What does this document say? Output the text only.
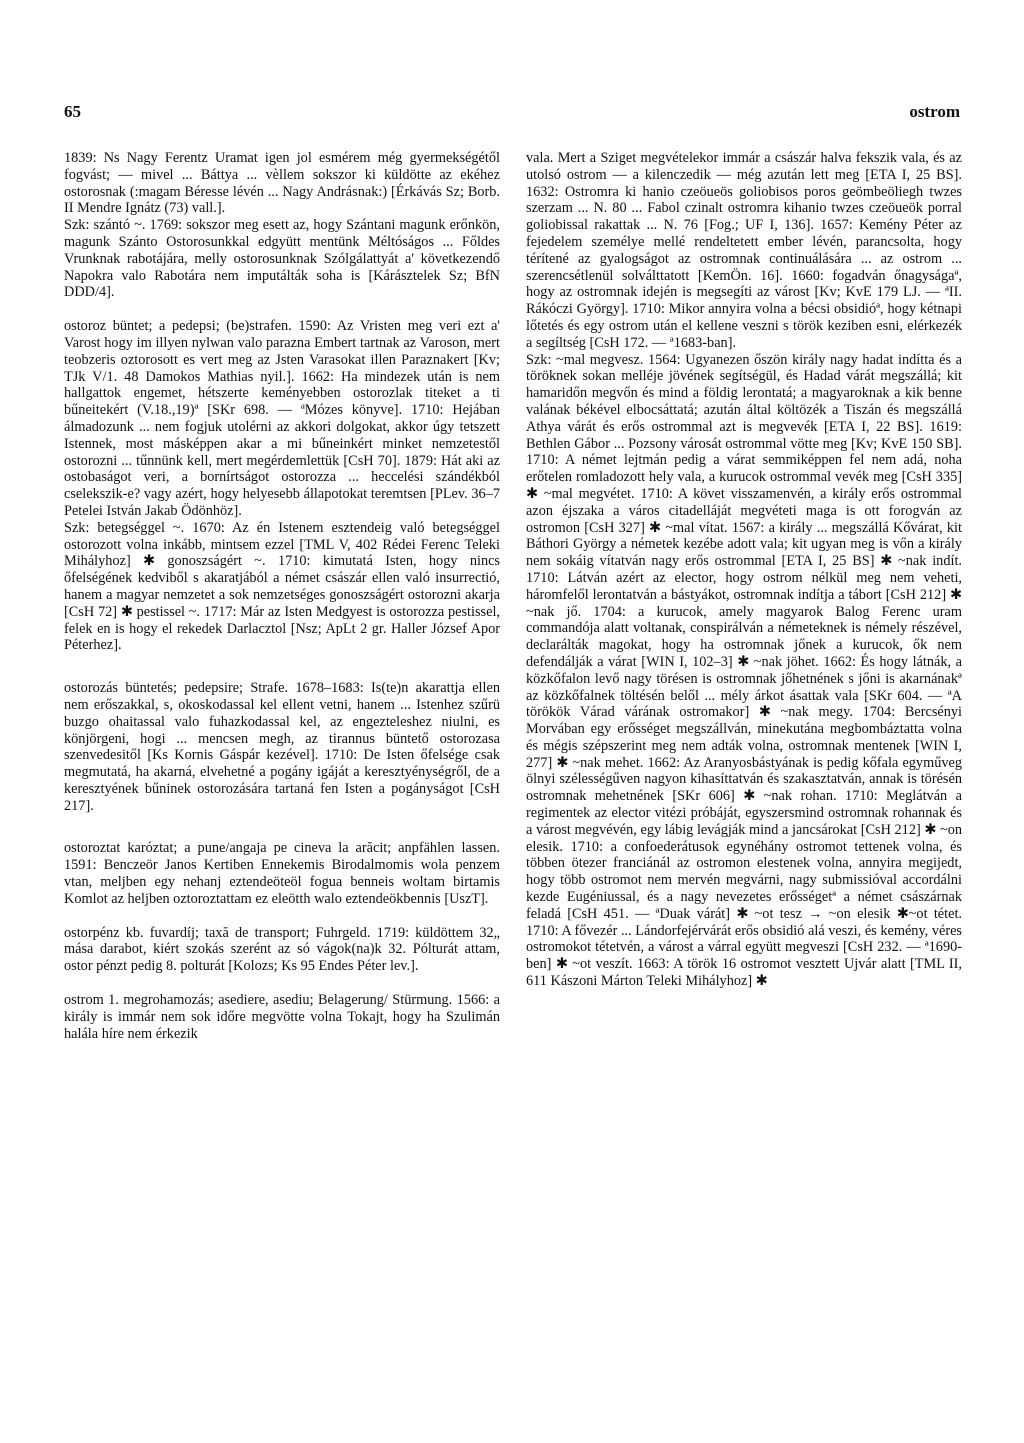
65	ostrom

1839: Ns Nagy Ferentz Uramat igen jol esmérem még gyermekségétől fogvást; — mivel ... Báttya ... vèllem sokszor ki küldötte az ekéhez ostorosnak (:magam Béresse lévén ... Nagy Andrásnak:) [Érkávás Sz; Borb. II Mendre Ignátz (73) vall.].

Szk: szántó ~. 1769: sokszor meg esett az, hogy Szántani magunk erőnkön, magunk Szánto Ostorosunkkal edgyütt mentünk Méltóságos ... Főldes Vrunknak rabotájára, melly ostorosunknak Szólgálattyát a' következendő Napokra valo Rabotára nem imputálták soha is [Kárásztelek Sz; BfN DDD/4].

ostoroz büntet; a pedepsi; (be)strafen. 1590: Az Vristen meg veri ezt a' Varost hogy im illyen nylwan valo parazna Embert tartnak az Varoson, mert teobzeris oztorosott es vert meg az Jsten Varasokat illen Paraznakert [Kv; TJk V/1. 48 Damokos Mathias nyil.]. 1662: Ha mindezek után is nem hallgattok engemet, hétszerte keményebben ostorozlak titeket a ti bűneitekért (V.18.,19)ª [SKr 698. — ªMózes könyve]. 1710: Hejában álmadozunk ... nem fogjuk utolérni az akkori dolgokat, akkor úgy tetszett Istennek, most másképpen akar a mi bűneinkért minket nemzetestől ostorozni ... tűnnünk kell, mert megérdemlettük [CsH 70]. 1879: Hát aki az ostobaságot veri, a bornírtságot ostorozza ... heccelési szándékból cselekszik-e? vagy azért, hogy helyesebb állapotokat teremtsen [PLev. 36–7 Petelei István Jakab Ödönhöz].

Szk: betegséggel ~. 1670: Az én Istenem esztendeig való betegséggel ostorozott volna inkább, mintsem ezzel [TML V, 402 Rédei Ferenc Teleki Mihályhoz] ✱ gonoszságért ~. 1710: kimutatá Isten, hogy nincs őfelségének kedviből s akaratjából a német császár ellen való insurrectió, hanem a magyar nemzetet a sok nemzetséges gonoszságért ostorozni akarja [CsH 72] ✱ pestissel ~. 1717: Már az Isten Medgyest is ostorozza pestissel, felek en is hogy el rekedek Darlacztol [Nsz; ApLt 2 gr. Haller József Apor Péterhez].

ostorozás büntetés; pedepsire; Strafe. 1678–1683: Is(te)n akarattja ellen nem erőszakkal, s, okoskodassal kel ellent vetni, hanem ... Istenhez szűrü buzgo ohaitassal valo fuhazkodassal kel, az engezteleshez niulni, es könjörgeni, hogi ... mencsen megh, az tirannus büntető ostorozasa szenvedesitől [Ks Kornis Gáspár kezével]. 1710: De Isten őfelsége csak megmutatá, ha akarná, elvehetné a pogány igáját a keresztyénységről, de a keresztyének bűninek ostorozására tartaná fen Isten a pogányságot [CsH 217].

ostoroztat karóztat; a pune/angaja pe cineva la arăcit; anpfählen lassen. 1591: Benczeör Janos Kertiben Ennekemis Birodalmomis wola penzem vtan, meljben egy nehanj eztendeöteöl fogua benneis woltam birtamis Komlot az heljben oztoroztattam ez eleötth walo eztendeökbennis [UszT].

ostorpénz kb. fuvardíj; taxă de transport; Fuhrgeld. 1719: küldöttem 32„ mása darabot, kiért szokás szerént az só vágok(na)k 32. Pólturát attam, ostor pénzt pedig 8. polturát [Kolozs; Ks 95 Endes Péter lev.].

ostrom 1. megrohamozás; asediere, asediu; Belagerung/ Stürmung. 1566: a király is immár nem sok időre megvötte volna Tokajt, hogy ha Szulimán halála híre nem érkezik

vala. Mert a Sziget megvételekor immár a császár halva fekszik vala, és az utolsó ostrom — a kilenczedik — még azután lett meg [ETA I, 25 BS]. 1632: Ostromra ki hanio czeöueös goliobisos poros geömbeöliegh twzes szerzam ... N. 80 ... Fabol czinalt ostromra kihanio twzes czeöueök porral goliobissal rakattak ... N. 76 [Fog.; UF I, 136]. 1657: Kemény Péter az fejedelem személye mellé rendeltetett ember lévén, parancsolta, hogy térítené az gyalogságot az ostromnak continuálására ... az ostrom ... szerencsétlenül solválttatott [KemÖn. 16]. 1660: fogadván őnagyságaª, hogy az ostromnak idején is megsegíti az várost [Kv; KvE 179 LJ. — ªII. Rákóczi György]. 1710: Mikor annyira volna a bécsi obsidióª, hogy kétnapi lőtetés és egy ostrom után el kellene veszni s török keziben esni, elérkezék a segíltség [CsH 172. — ª1683-ban].

Szk: ~mal megvesz. 1564: Ugyanezen őszön király nagy hadat indítta és a töröknek sokan melléje jövének segítségül, és Hadad várát megszállá; kit hamaridőn megvőn és mind a földig lerontatá; a magyaroknak a kik benne valának békével elbocsáttatá; azután által költözék a Tiszán és megszállá Athya várát és erős ostrommal azt is megvevék [ETA I, 22 BS]. 1619: Bethlen Gábor ... Pozsony városát ostrommal vötte meg [Kv; KvE 150 SB]. 1710: A német lejtmán pedig a várat semmiképpen fel nem adá, noha erőtelen romladozott hely vala, a kurucok ostrommal vevék meg [CsH 335] ✱ ~mal megvétet. 1710: A követ visszamenvén, a király erős ostrommal azon éjszaka a város citadelláját megvéteti maga is ott forogván az ostromon [CsH 327] ✱ ~mal vítat. 1567: a király ... megszállá Kővárat, kit Báthori György a németek kezébe adott vala; kit ugyan meg is vőn a király nem sokáig vítatván nagy erős ostrommal [ETA I, 25 BS] ✱ ~nak indít. 1710: Látván azért az elector, hogy ostrom nélkül meg nem veheti, háromfelől lerontatván a bástyákot, ostromnak indítja a tábort [CsH 212] ✱ ~nak jő. 1704: a kurucok, amely magyarok Balog Ferenc uram commandója alatt voltanak, conspirálván a németeknek is némely részével, declarálták magokat, hogy ha ostromnak jőnek a kurucok, ők nem defendálják a várat [WIN I, 102–3] ✱ ~nak jöhet. 1662: És hogy látnák, a közkőfalon levő nagy törésen is ostromnak jőhetnének s jőni is akarnánakª az közkőfalnek töltésén belől ... mély árkot ásattak vala [SKr 604. — ªA törökök Várad várának ostromakor] ✱ ~nak megy. 1704: Bercsényi Morvában egy erősséget megszállván, minekutána megbombáztatta volna és mégis szépszerint meg nem adták volna, ostromnak mentenek [WIN I, 277] ✱ ~nak mehet. 1662: Az Aranyosbástyának is pedig kőfala egyműveg ölnyi szélességűven nagyon kihasíttatván és szakasztatván, annak is törésén ostromnak mehetnének [SKr 606] ✱ ~nak rohan. 1710: Meglátván a regimentek az elector vitézi próbáját, egyszersmind ostromnak rohannak és a várost megvévén, egy lábig levágják mind a jancsárokat [CsH 212] ✱ ~on elesik. 1710: a confoederátusok egynéhány ostromot tettenek volna, és többen ötezer franciánál az ostromon elestenek volna, annyira megijedt, hogy több ostromot nem mervén megvárni, nagy submissióval accordálni kezde Eugéniussal, és a nagy nevezetes erősségetª a német császárnak feladá [CsH 451. — ªDuak várát] ✱ ~ot tesz → ~on elesik ✱~ot tétet. 1710: A fővezér ... Lándorfejérvárát erős obsidió alá veszi, és kemény, véres ostromokot tétetvén, a várost a várral együtt megveszi [CsH 232. — ª1690-ben] ✱ ~ot veszít. 1663: A török 16 ostromot vesztett Ujvár alatt [TML II, 611 Kászoni Márton Teleki Mihályhoz] ✱
